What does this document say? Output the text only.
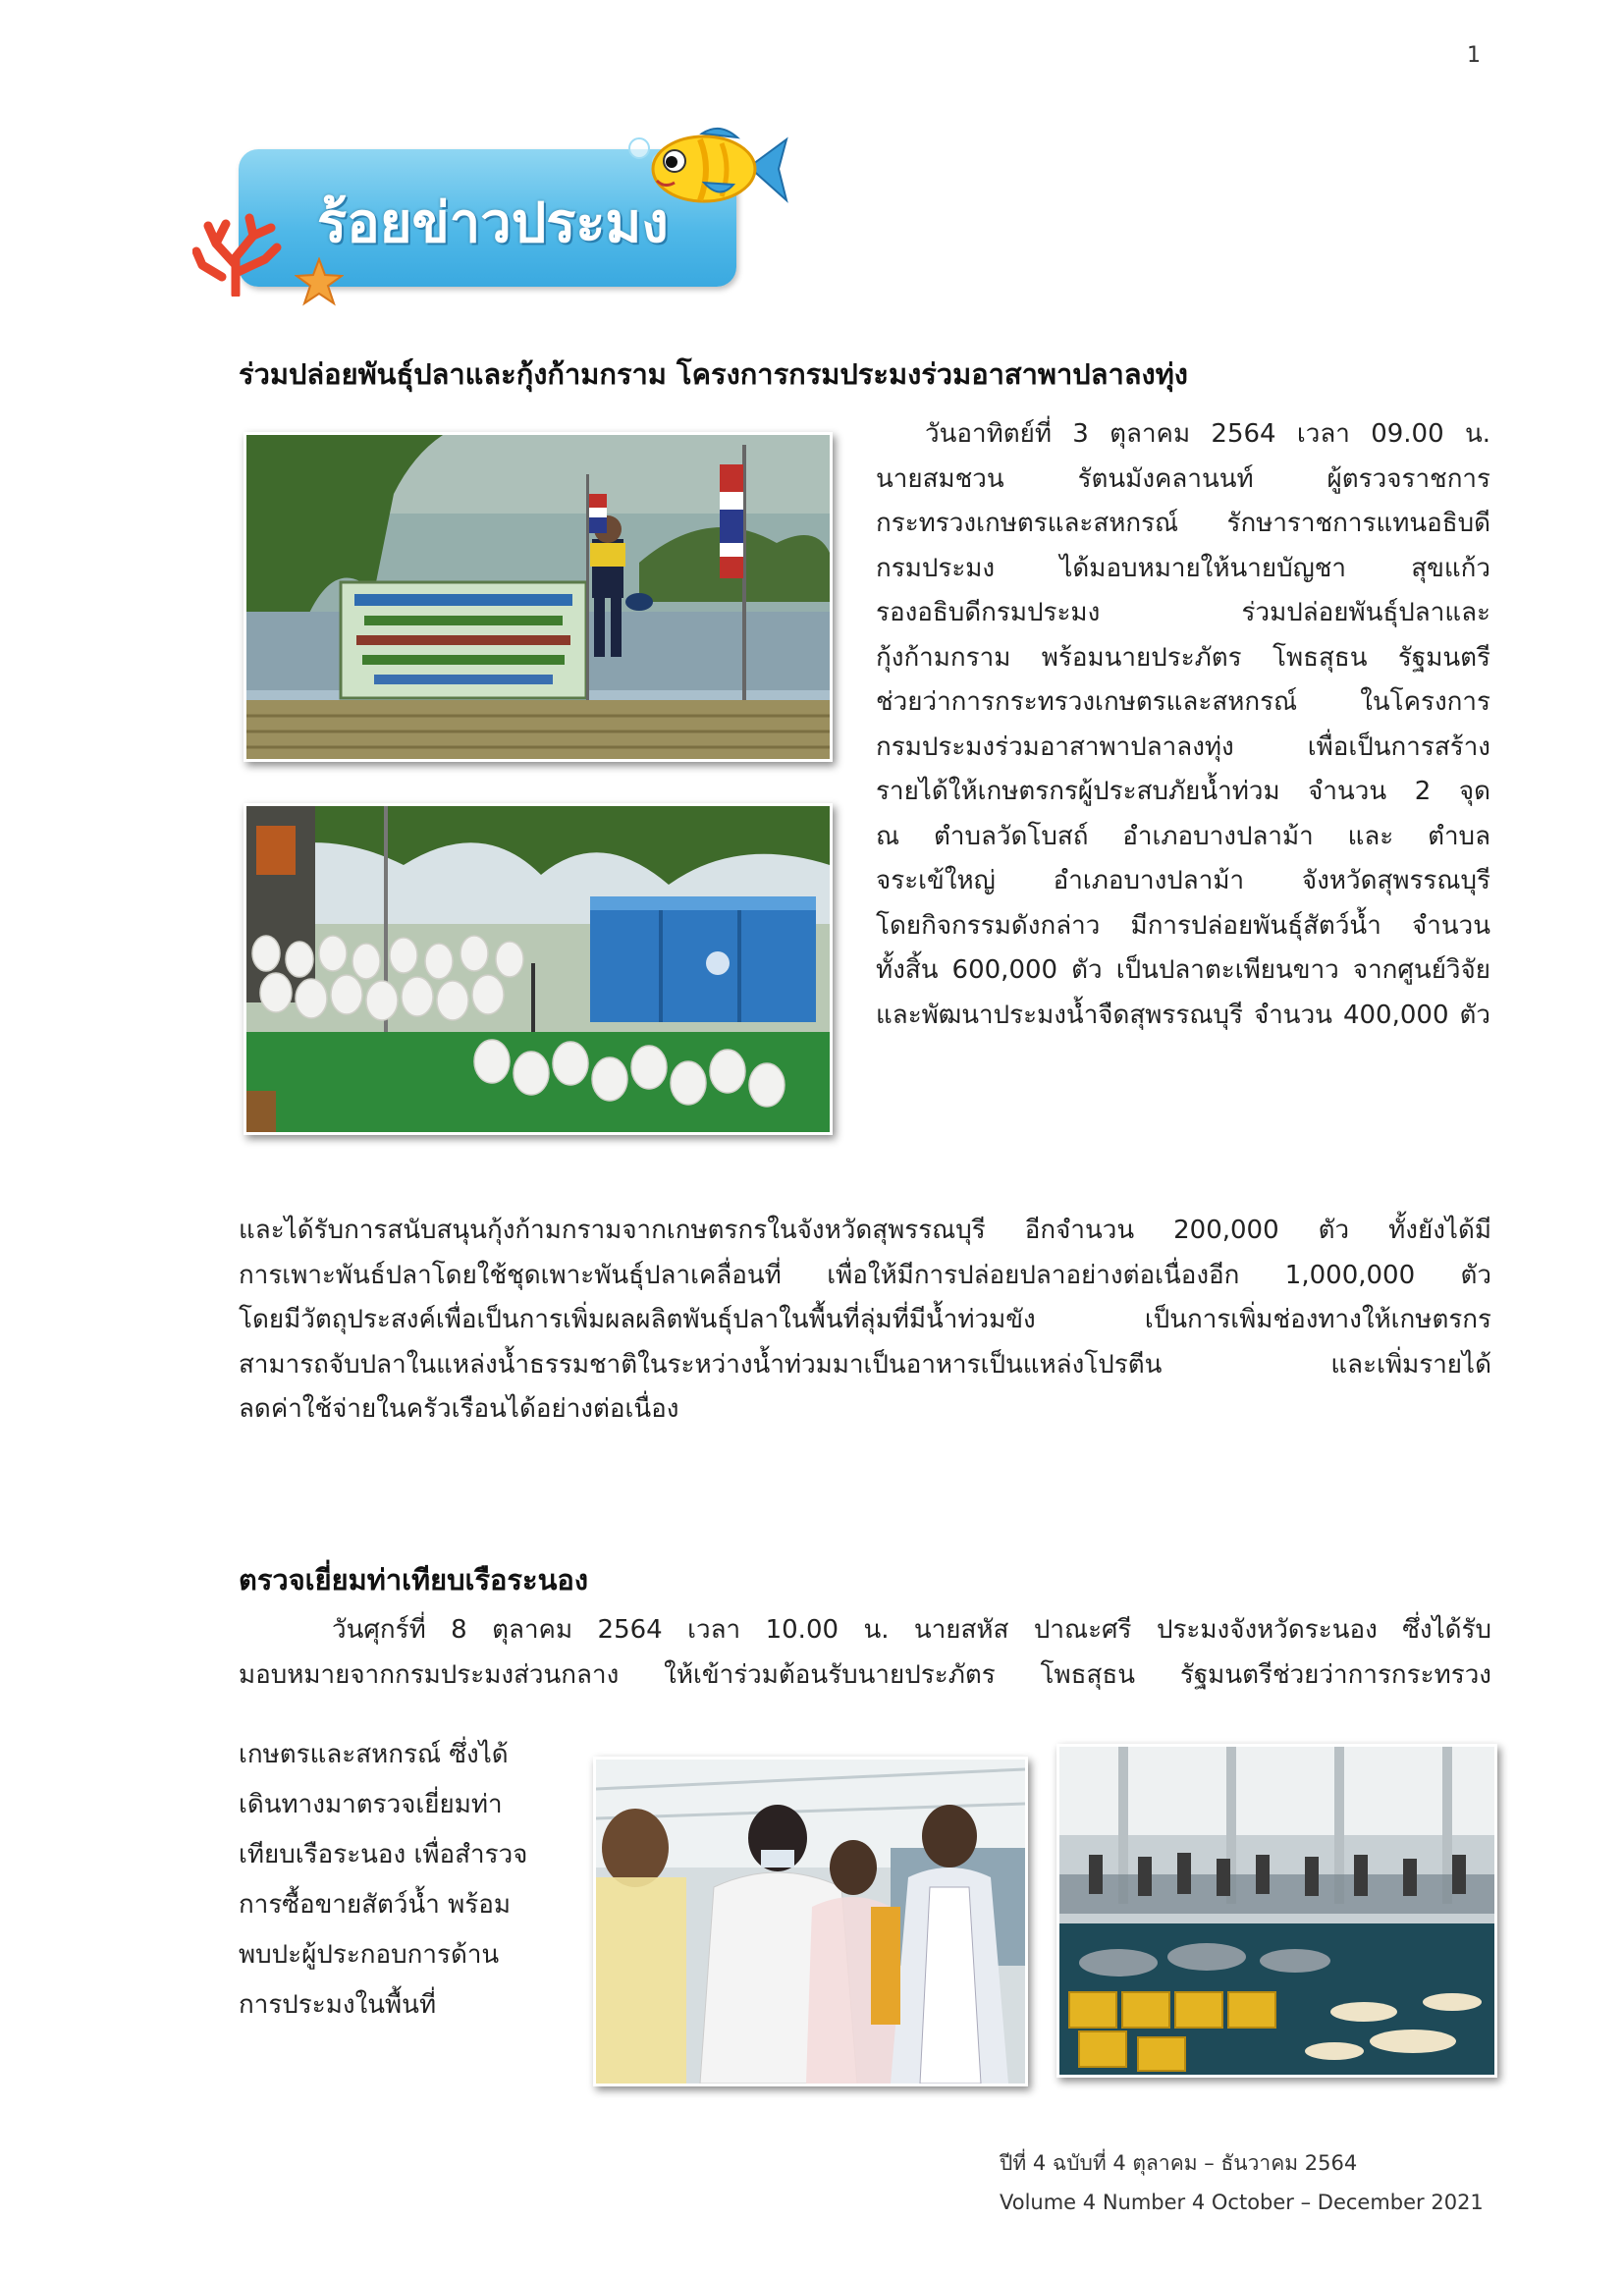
1
ร้อยข่าวประมง
ร่วมปล่อยพันธุ์ปลาและกุ้งก้ามกราม โครงการกรมประมงร่วมอาสาพาปลาลงทุ่ง
วันอาทิตย์ที่ 3 ตุลาคม 2564 เวลา 09.00 น.
นายสมชวน รัตนมังคลานนท์ ผู้ตรวจราชการ
กระทรวงเกษตรและสหกรณ์ รักษาราชการแทนอธิบดี
กรมประมง ได้มอบหมายให้นายบัญชา สุขแก้ว
รองอธิบดีกรมประมง ร่วมปล่อยพันธุ์ปลาและ
กุ้งก้ามกราม พร้อมนายประภัตร โพธสุธน รัฐมนตรี
ช่วยว่าการกระทรวงเกษตรและสหกรณ์ ในโครงการ
กรมประมงร่วมอาสาพาปลาลงทุ่ง เพื่อเป็นการสร้าง
รายได้ให้เกษตรกรผู้ประสบภัยน้ำท่วม จำนวน 2 จุด
ณ ตำบลวัดโบสถ์ อำเภอบางปลาม้า และ ตำบล
จระเข้ใหญ่ อำเภอบางปลาม้า จังหวัดสุพรรณบุรี
โดยกิจกรรมดังกล่าว มีการปล่อยพันธุ์สัตว์น้ำ จำนวน
ทั้งสิ้น 600,000 ตัว เป็นปลาตะเพียนขาว จากศูนย์วิจัย
และพัฒนาประมงน้ำจืดสุพรรณบุรี จำนวน 400,000 ตัว
และได้รับการสนับสนุนกุ้งก้ามกรามจากเกษตรกรในจังหวัดสุพรรณบุรี อีกจำนวน 200,000 ตัว ทั้งยังได้มี
การเพาะพันธ์ปลาโดยใช้ชุดเพาะพันธุ์ปลาเคลื่อนที่ เพื่อให้มีการปล่อยปลาอย่างต่อเนื่องอีก 1,000,000 ตัว
โดยมีวัตถุประสงค์เพื่อเป็นการเพิ่มผลผลิตพันธุ์ปลาในพื้นที่ลุ่มที่มีน้ำท่วมขัง เป็นการเพิ่มช่องทางให้เกษตรกร
สามารถจับปลาในแหล่งน้ำธรรมชาติในระหว่างน้ำท่วมมาเป็นอาหารเป็นแหล่งโปรตีน และเพิ่มรายได้
ลดค่าใช้จ่ายในครัวเรือนได้อย่างต่อเนื่อง
ตรวจเยี่ยมท่าเทียบเรือระนอง
วันศุกร์ที่ 8 ตุลาคม 2564 เวลา 10.00 น. นายสหัส ปาณะศรี ประมงจังหวัดระนอง ซึ่งได้รับ
มอบหมายจากกรมประมงส่วนกลาง ให้เข้าร่วมต้อนรับนายประภัตร โพธสุธน รัฐมนตรีช่วยว่าการกระทรวง
เกษตรและสหกรณ์ ซึ่งได้
เดินทางมาตรวจเยี่ยมท่า
เทียบเรือระนอง เพื่อสำรวจ
การซื้อขายสัตว์น้ำ พร้อม
พบปะผู้ประกอบการด้าน
การประมงในพื้นที่
ปีที่ 4 ฉบับที่ 4 ตุลาคม – ธันวาคม 2564
Volume 4 Number 4 October – December 2021
